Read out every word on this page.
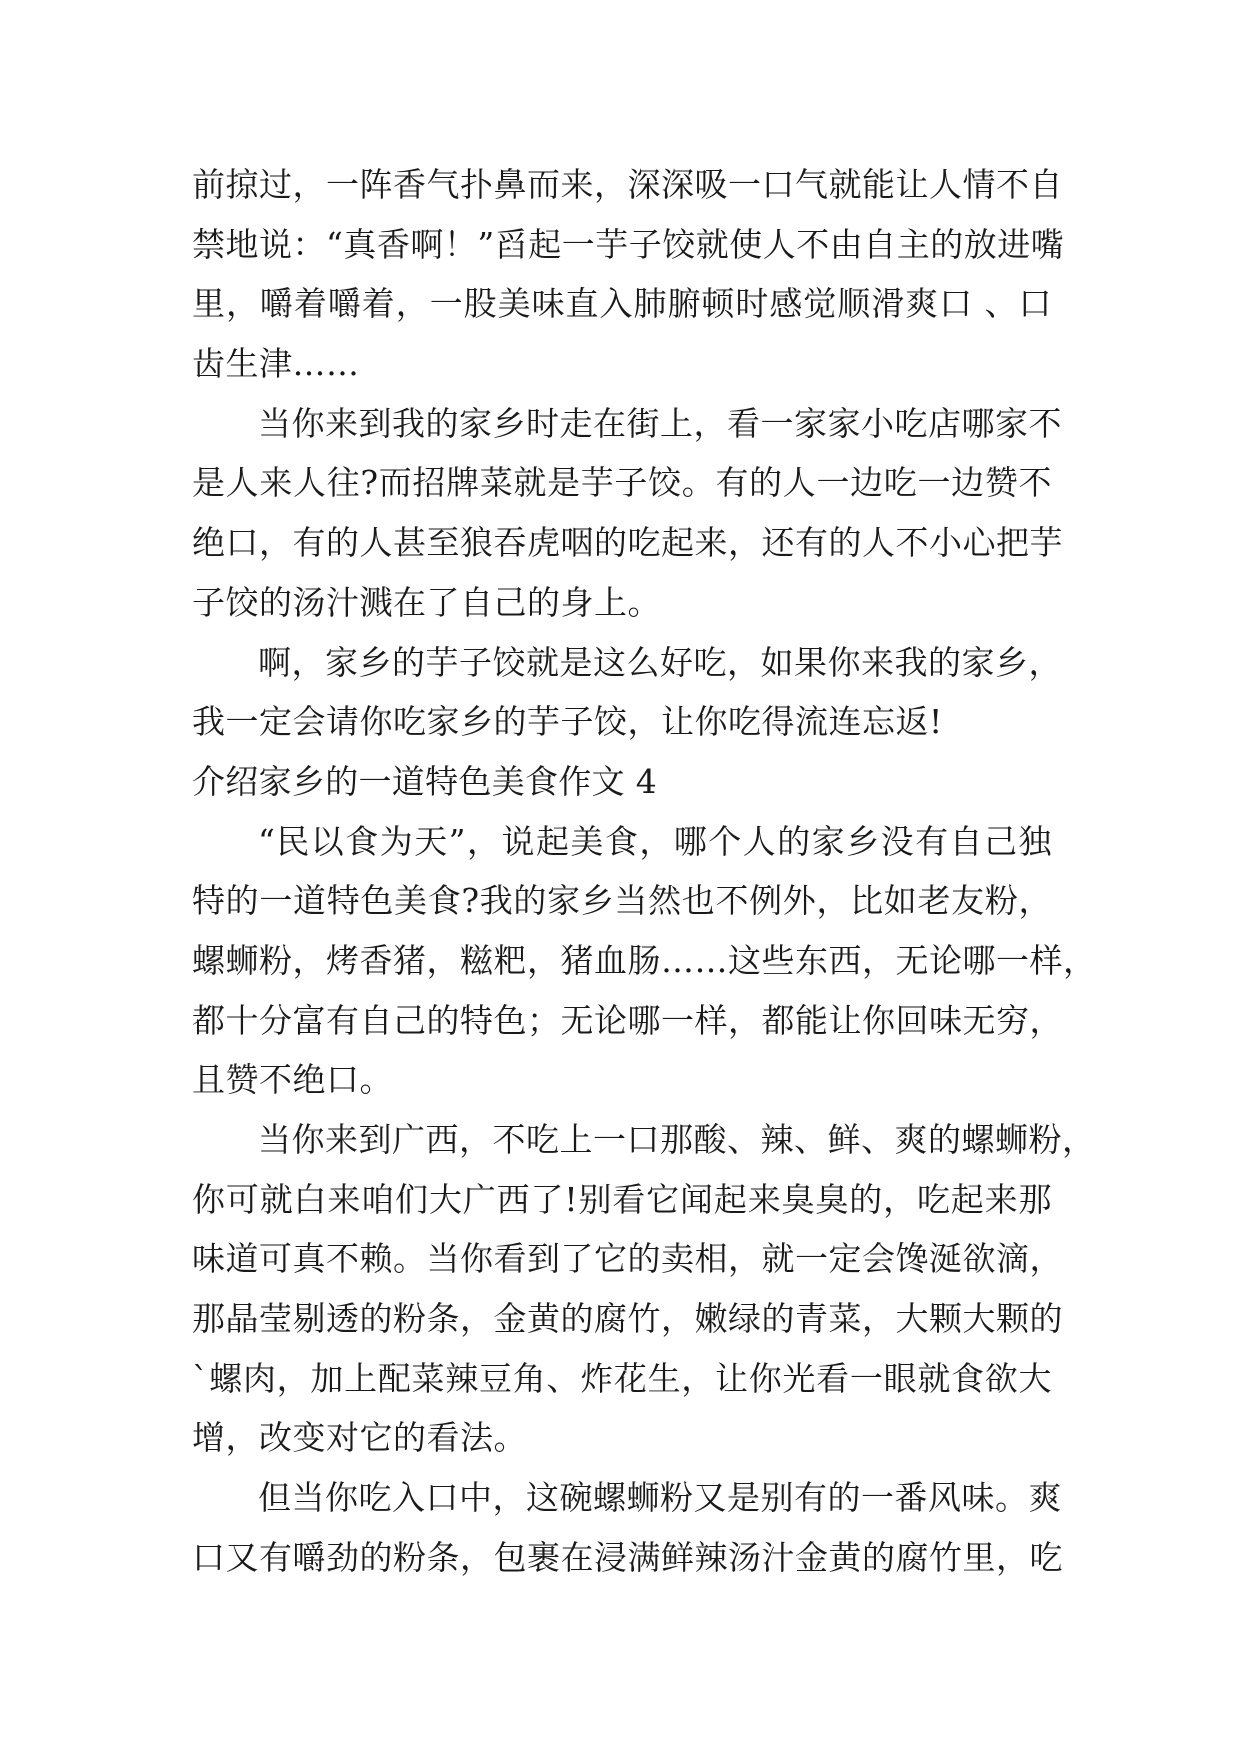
前掠过，一阵香气扑鼻而来，深深吸一口气就能让人情不自
禁地说：“真香啊！”舀起一芋子饺就使人不由自主的放进嘴
里，嚼着嚼着，一股美味直入肺腑顿时感觉顺滑爽口 、口
齿生津……
当你来到我的家乡时走在街上，看一家家小吃店哪家不
是人来人往?而招牌菜就是芋子饺。有的人一边吃一边赞不
绝口，有的人甚至狼吞虎咽的吃起来，还有的人不小心把芋
子饺的汤汁溅在了自己的身上。
啊，家乡的芋子饺就是这么好吃，如果你来我的家乡，
我一定会请你吃家乡的芋子饺，让你吃得流连忘返!
介绍家乡的一道特色美食作文 4
“民以食为天”，说起美食，哪个人的家乡没有自己独
特的一道特色美食?我的家乡当然也不例外，比如老友粉，
螺蛳粉，烤香猪，糍粑，猪血肠……这些东西，无论哪一样，
都十分富有自己的特色；无论哪一样，都能让你回味无穷，
且赞不绝口。
当你来到广西，不吃上一口那酸、辣、鲜、爽的螺蛳粉，
你可就白来咱们大广西了!别看它闻起来臭臭的，吃起来那
味道可真不赖。当你看到了它的卖相，就一定会馋涎欲滴，
那晶莹剔透的粉条，金黄的腐竹，嫩绿的青菜，大颗大颗的
`螺肉，加上配菜辣豆角、炸花生，让你光看一眼就食欲大
增，改变对它的看法。
但当你吃入口中，这碗螺蛳粉又是别有的一番风味。爽
口又有嚼劲的粉条，包裹在浸满鲜辣汤汁金黄的腐竹里，吃
